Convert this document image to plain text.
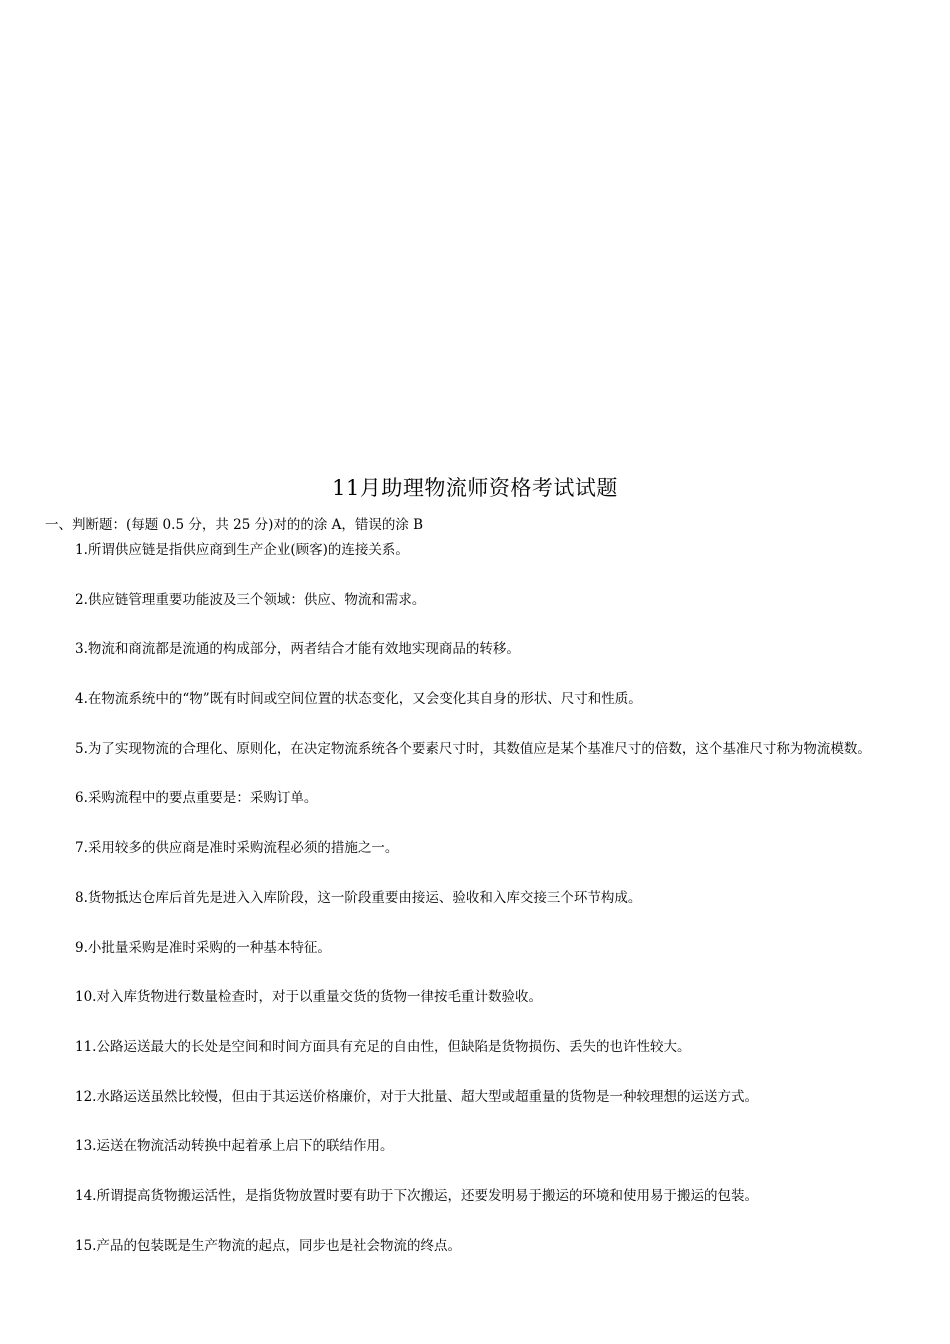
11月助理物流师资格考试试题
一、判断题：(每题 0.5 分，共 25 分)对的的涂 A，错误的涂 B
1.所谓供应链是指供应商到生产企业(顾客)的连接关系。
2.供应链管理重要功能波及三个领域：供应、物流和需求。
3.物流和商流都是流通的构成部分，两者结合才能有效地实现商品的转移。
4.在物流系统中的“物”既有时间或空间位置的状态变化，又会变化其自身的形状、尺寸和性质。
5.为了实现物流的合理化、原则化，在决定物流系统各个要素尺寸时，其数值应是某个基准尺寸的倍数，这个基准尺寸称为物流模数。
6.采购流程中的要点重要是：采购订单。
7.采用较多的供应商是准时采购流程必须的措施之一。
8.货物抵达仓库后首先是进入入库阶段，这一阶段重要由接运、验收和入库交接三个环节构成。
9.小批量采购是准时采购的一种基本特征。
10.对入库货物进行数量检查时，对于以重量交货的货物一律按毛重计数验收。
11.公路运送最大的长处是空间和时间方面具有充足的自由性，但缺陷是货物损伤、丢失的也许性较大。
12.水路运送虽然比较慢，但由于其运送价格廉价，对于大批量、超大型或超重量的货物是一种较理想的运送方式。
13.运送在物流活动转换中起着承上启下的联结作用。
14.所谓提高货物搬运活性，是指货物放置时要有助于下次搬运，还要发明易于搬运的环境和使用易于搬运的包装。
15.产品的包装既是生产物流的起点，同步也是社会物流的终点。
